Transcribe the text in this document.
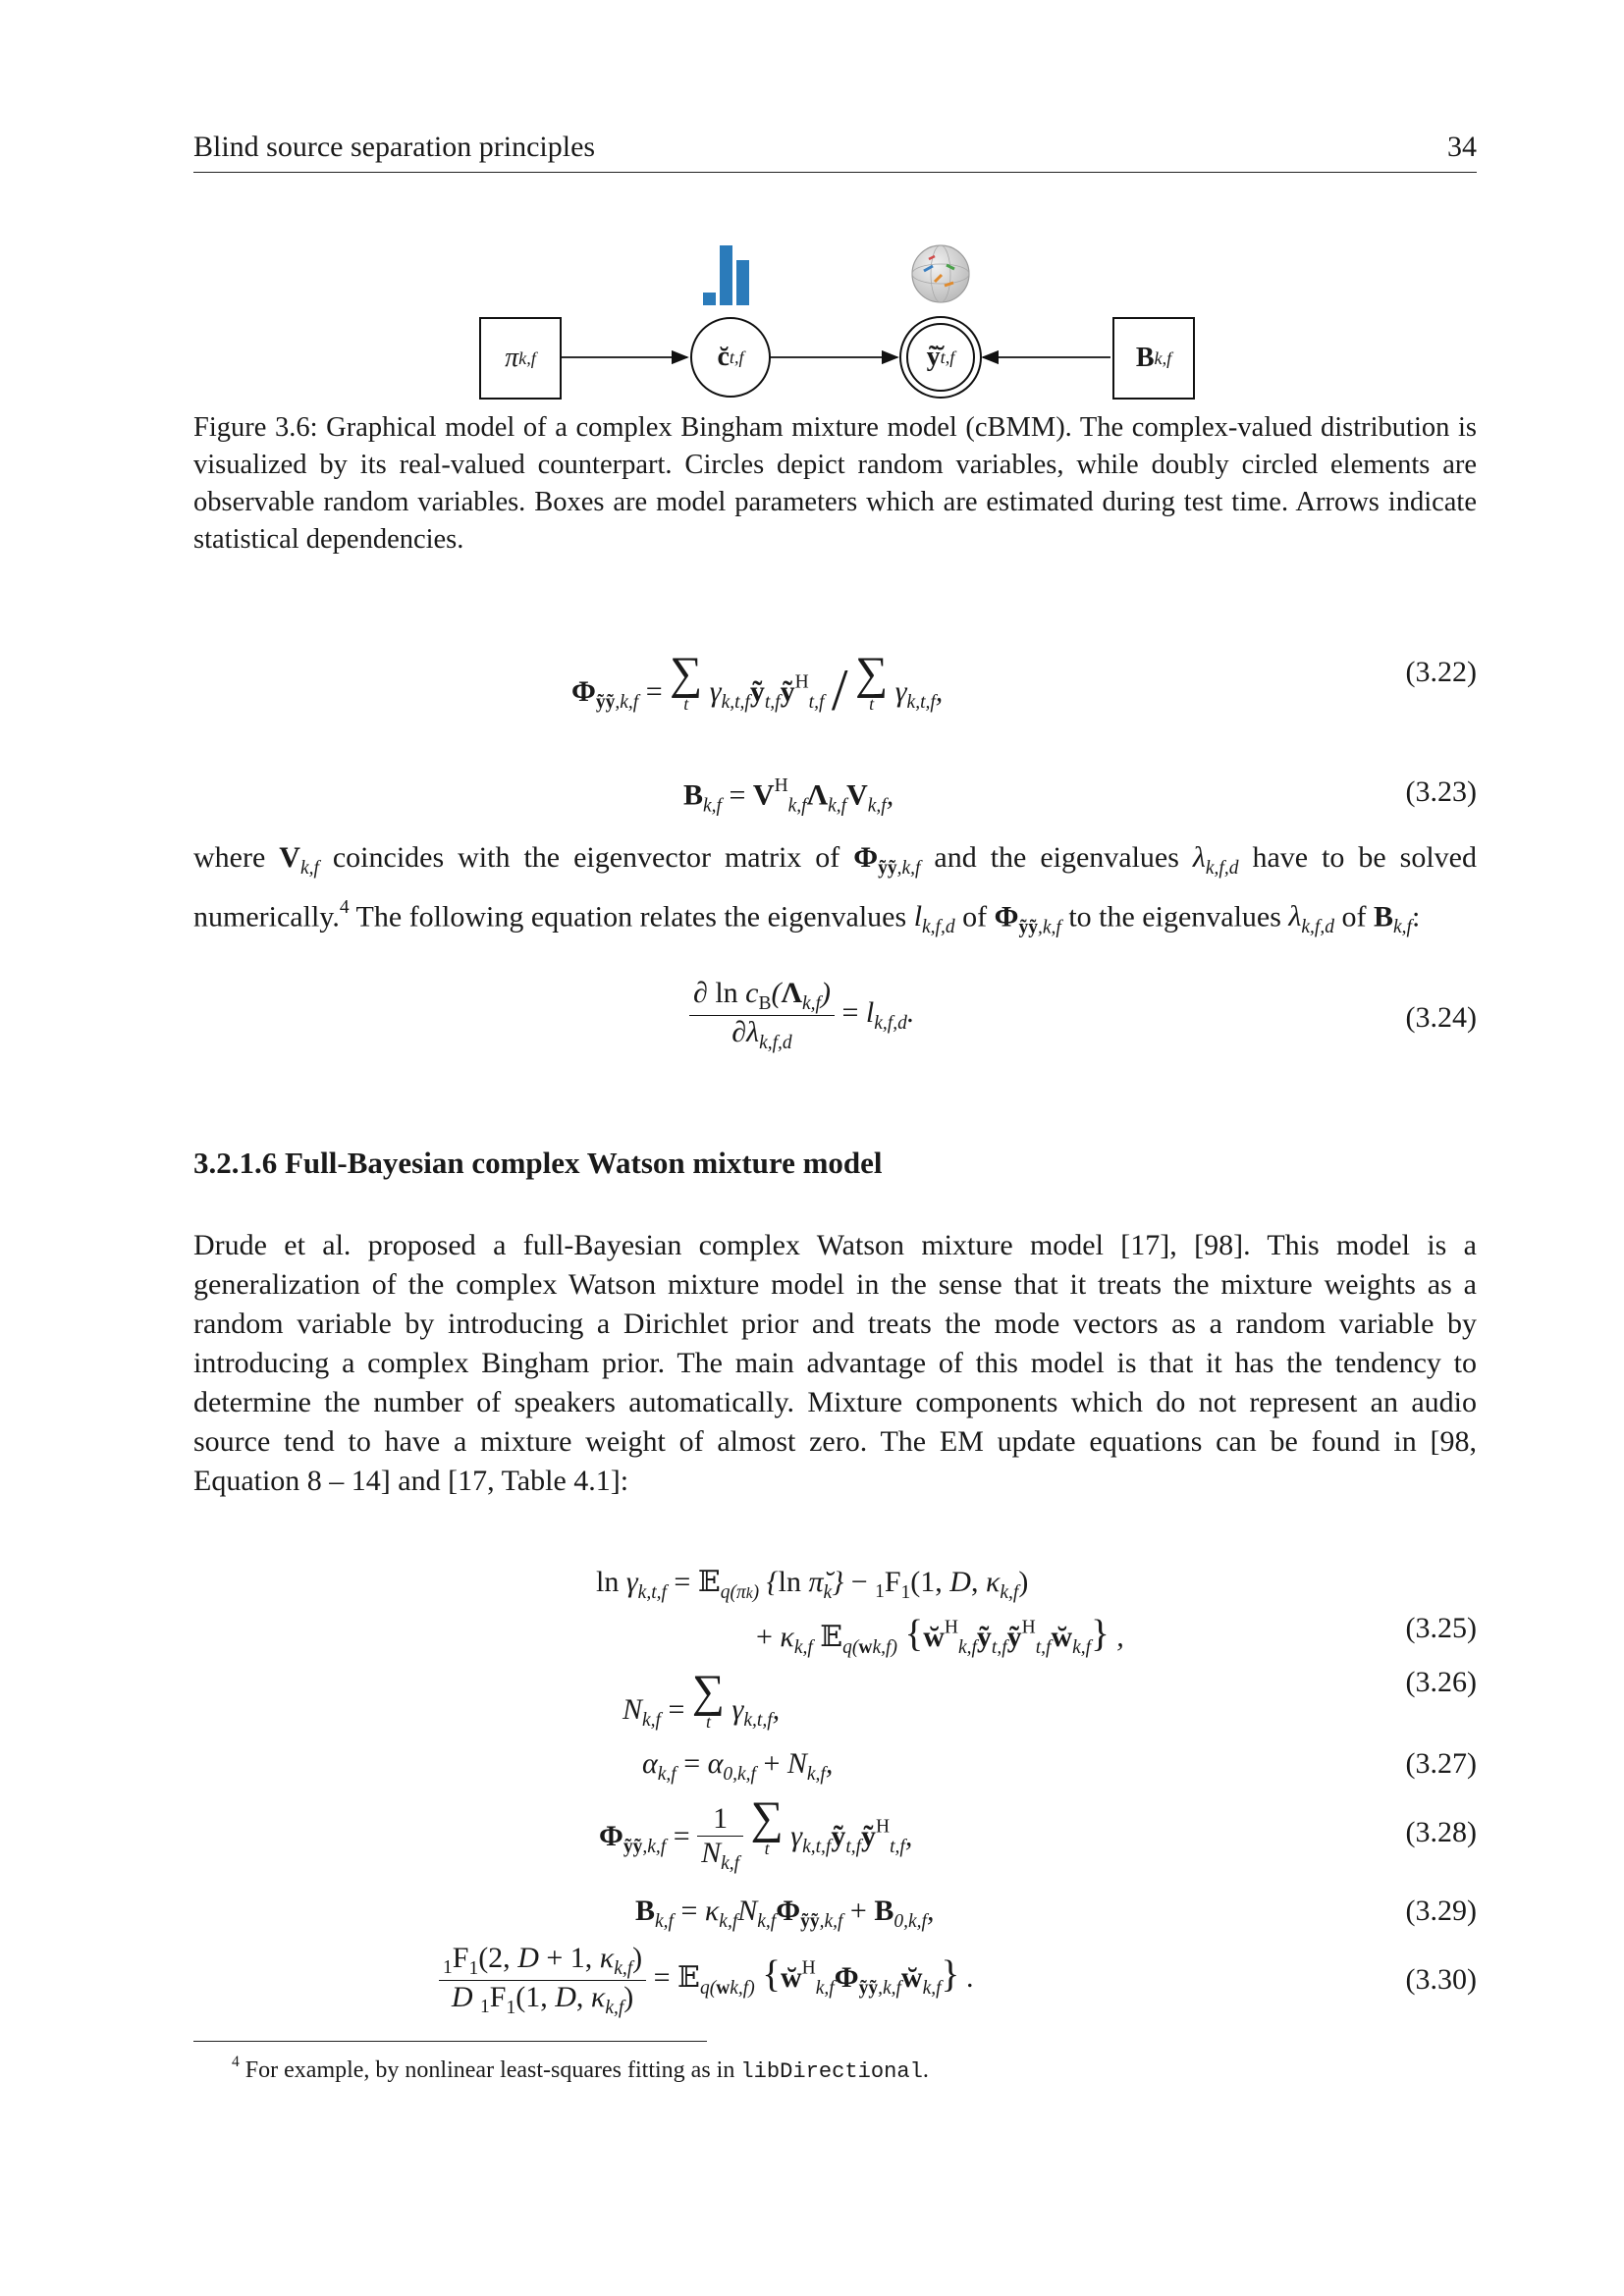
Blind source separation principles	34
π k,f	c̆ t,f	ỹ̆ t,f	B k,f
Figure 3.6: Graphical model of a complex Bingham mixture model (cBMM). The complex-valued distribution is visualized by its real-valued counterpart. Circles depict random variables, while doubly circled elements are observable random variables. Boxes are model parameters which are estimated during test time. Arrows indicate statistical dependencies.
$\Phi_{ỹỹ,k,f}$ = ∑
t $\gamma_{k,t,f}ỹ_{t,f}ỹ^H_{t,f}$ / ∑
t $\gamma_{k,t,f}$,
(3.22)
$B_{k,f} = V^H_{k,f}\Lambda_{k,f}V_{k,f}$,	(3.23)
where $V_{k,f}$ coincides with the eigenvector matrix of $\Phi_{ỹỹ,k,f}$ and the eigenvalues $\lambda_{k,f,d}$ have to be solved numerically.$^4$ The following equation relates the eigenvalues $l_{k,f,d}$ of $\Phi_{ỹỹ,k,f}$ to the eigenvalues $\lambda_{k,f,d}$ of $B_{k,f}$:
$\frac{\partial \ln c_B(\Lambda_{k,f})}{\partial\lambda_{k,f,d}} = l_{k,f,d}$.	(3.24)
3.2.1.6 Full-Bayesian complex Watson mixture model
Drude et al. proposed a full-Bayesian complex Watson mixture model [17], [98]. This model is a generalization of the complex Watson mixture model in the sense that it treats the mixture weights as a random variable by introducing a Dirichlet prior and treats the mode vectors as a random variable by introducing a complex Bingham prior. The main advantage of this model is that it has the tendency to determine the number of speakers automatically. Mixture components which do not represent an audio source tend to have a mixture weight of almost zero. The EM update equations can be found in [98, Equation 8 – 14] and [17, Table 4.1]:
$\ln \gamma_{k,t,f}$ = 𝔼$_{q(\pi k)}$ {ln $\pĭ_k\} - _1F_1(1$, D, $\kappa_{k,f}$)
+ $\kappa_{k,f}$ 𝔼$_{q(wk,f)}$ $\{w̆^H_{k,f}ỹ_{t,f}ỹ^H_{t,f}w̆_{k,f}\}$ ,	(3.25)
$N_{k,f}$ = ∑
t $\gamma_{k,t,f}$,
(3.26)
$\alpha_{k,f} = \alpha_{0,k,f} + N_{k,f}$,	(3.27)
$\Phi_{ỹỹ,k,f} = \frac{1}{N_{k,f}}$ ∑
t $\gamma_{k,t,f}ỹ_{t,f}ỹ^H_{t,f}$,	(3.28)
$B_{k,f} = \kappa_{k,f}N_{k,f}\Phi_{ỹỹ,k,f} + B_{0,k,f}$,	(3.29)
$\frac{_1F_1(2, D + 1, \kappa_{k,f})}{D _1F_1(1, D, \kappa_{k,f})}$ = 𝔼$_{q(wk,f)}$ $\{w̆^H_{k,f}\Phi_{ỹỹ,k,f}w̆_{k,f}\}$ .	(3.30)
$^4$ For example, by nonlinear least-squares fitting as in libDirectional.
